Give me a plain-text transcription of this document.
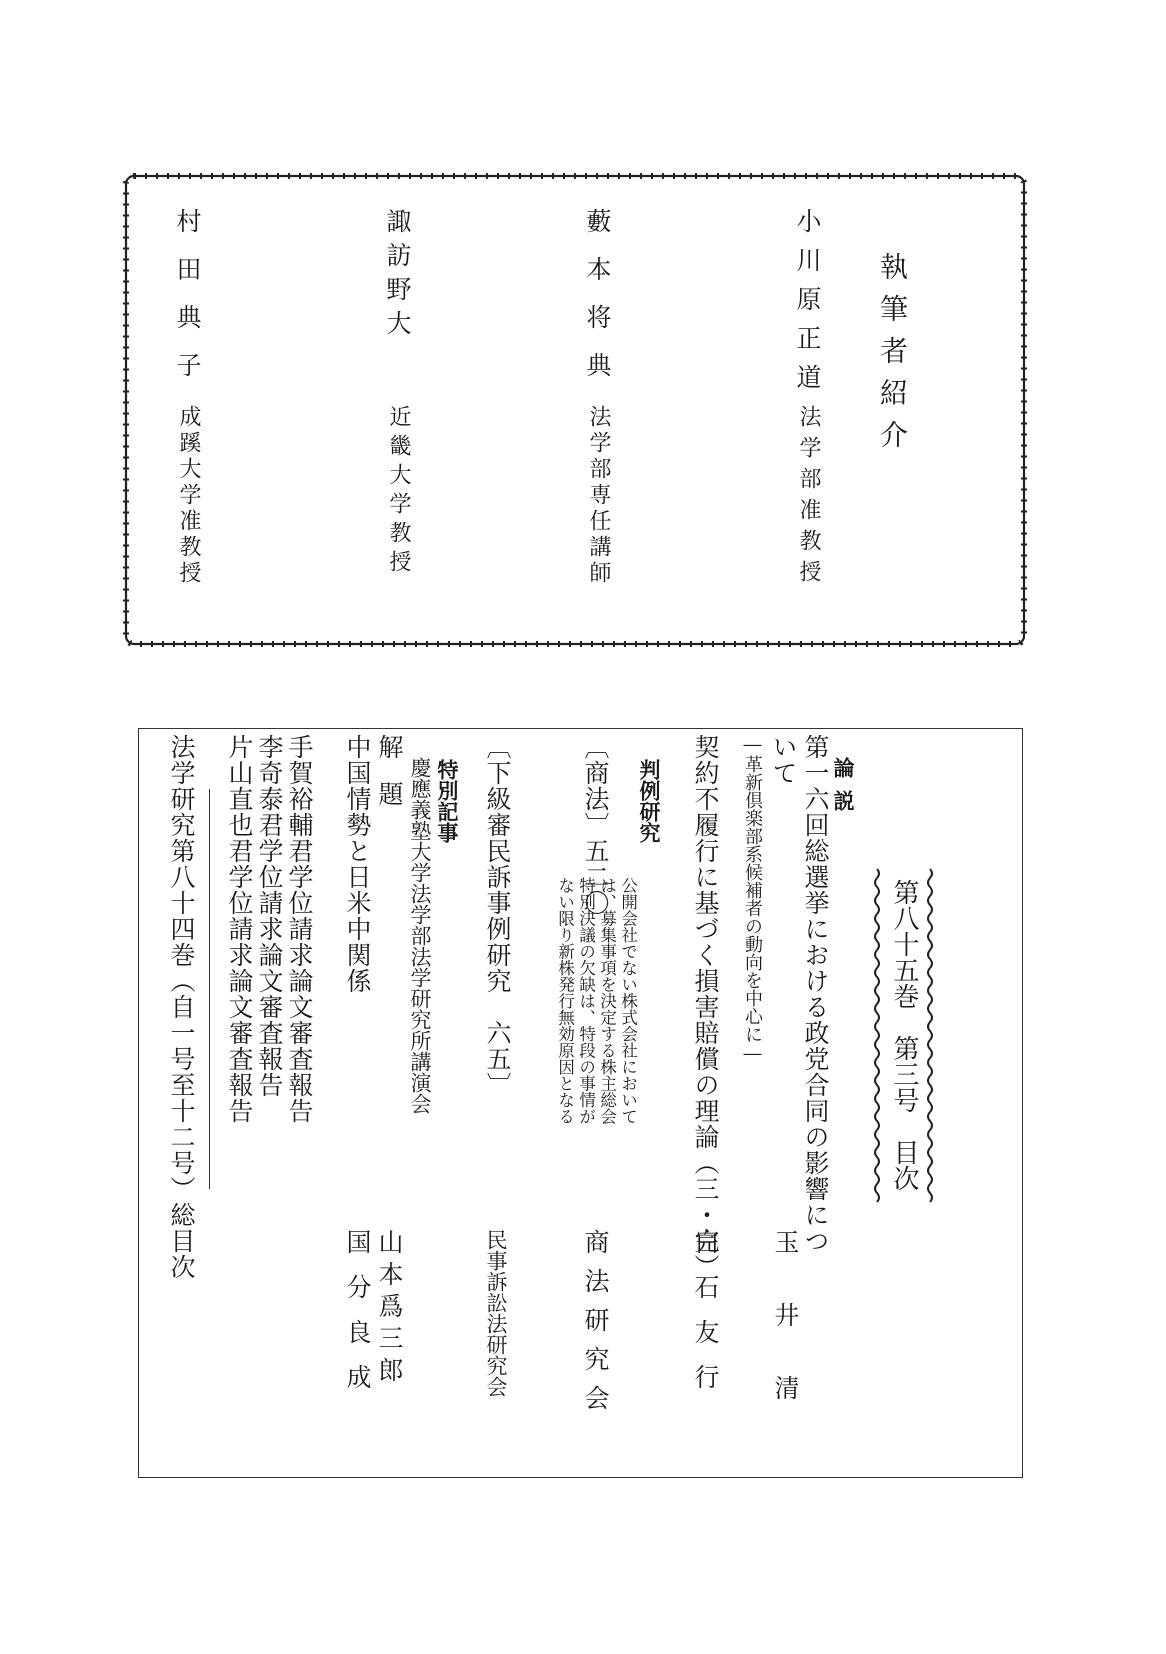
執筆者紹介
小川原正道
法学部准教授
藪本将典
法学部専任講師
諏訪野大
近畿大学教授
村田典子
成蹊大学准教授
第八十五巻　第三号　目次
論説
第一六回総選挙における政党合同の影響につ
いて
―革新倶楽部系候補者の動向を中心に―
玉井清
契約不履行に基づく損害賠償の理論（三・完）
白石友行
判例研究
〔商法〕五二〇
公開会社でない株式会社において
は、募集事項を決定する株主総会
特別決議の欠缺は、特段の事情が
ない限り新株発行無効原因となる
商法研究会
〔下級審民訴事例研究　六五〕
民事訴訟法研究会
特別記事
慶應義塾大学法学部法学研究所講演会
解題
山本爲三郎
中国情勢と日米中関係
国分良成
手賀裕輔君学位請求論文審査報告
李奇泰君学位請求論文審査報告
片山直也君学位請求論文審査報告
法学研究第八十四巻（自一号至十二号）総目次
